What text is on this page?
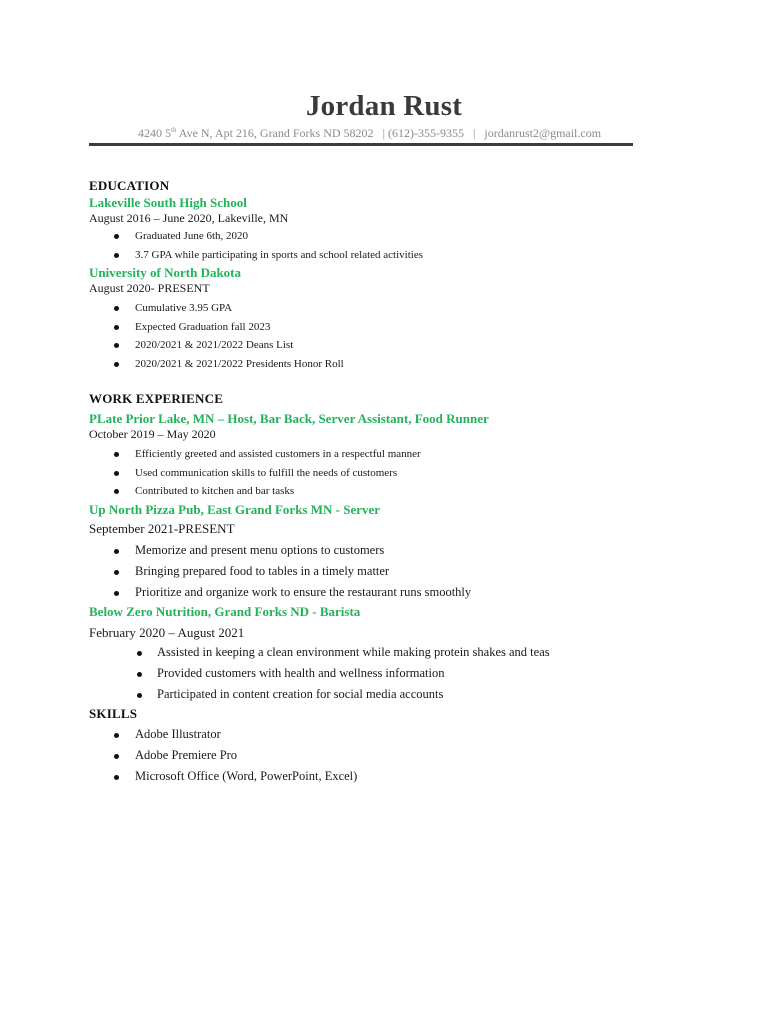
Jordan Rust
4240 5th Ave N, Apt 216, Grand Forks ND 58202 | (612)-355-9355 | jordanrust2@gmail.com
EDUCATION
Lakeville South High School
August 2016 – June 2020, Lakeville, MN
Graduated June 6th, 2020
3.7 GPA while participating in sports and school related activities
University of North Dakota
August 2020- PRESENT
Cumulative 3.95 GPA
Expected Graduation fall 2023
2020/2021 & 2021/2022 Deans List
2020/2021 & 2021/2022 Presidents Honor Roll
WORK EXPERIENCE
PLate Prior Lake, MN – Host, Bar Back, Server Assistant, Food Runner
October 2019 – May 2020
Efficiently greeted and assisted customers in a respectful manner
Used communication skills to fulfill the needs of customers
Contributed to kitchen and bar tasks
Up North Pizza Pub, East Grand Forks MN - Server
September 2021-PRESENT
Memorize and present menu options to customers
Bringing prepared food to tables in a timely matter
Prioritize and organize work to ensure the restaurant runs smoothly
Below Zero Nutrition, Grand Forks ND - Barista
February 2020 – August 2021
Assisted in keeping a clean environment while making protein shakes and teas
Provided customers with health and wellness information
Participated in content creation for social media accounts
SKILLS
Adobe Illustrator
Adobe Premiere Pro
Microsoft Office (Word, PowerPoint, Excel)
